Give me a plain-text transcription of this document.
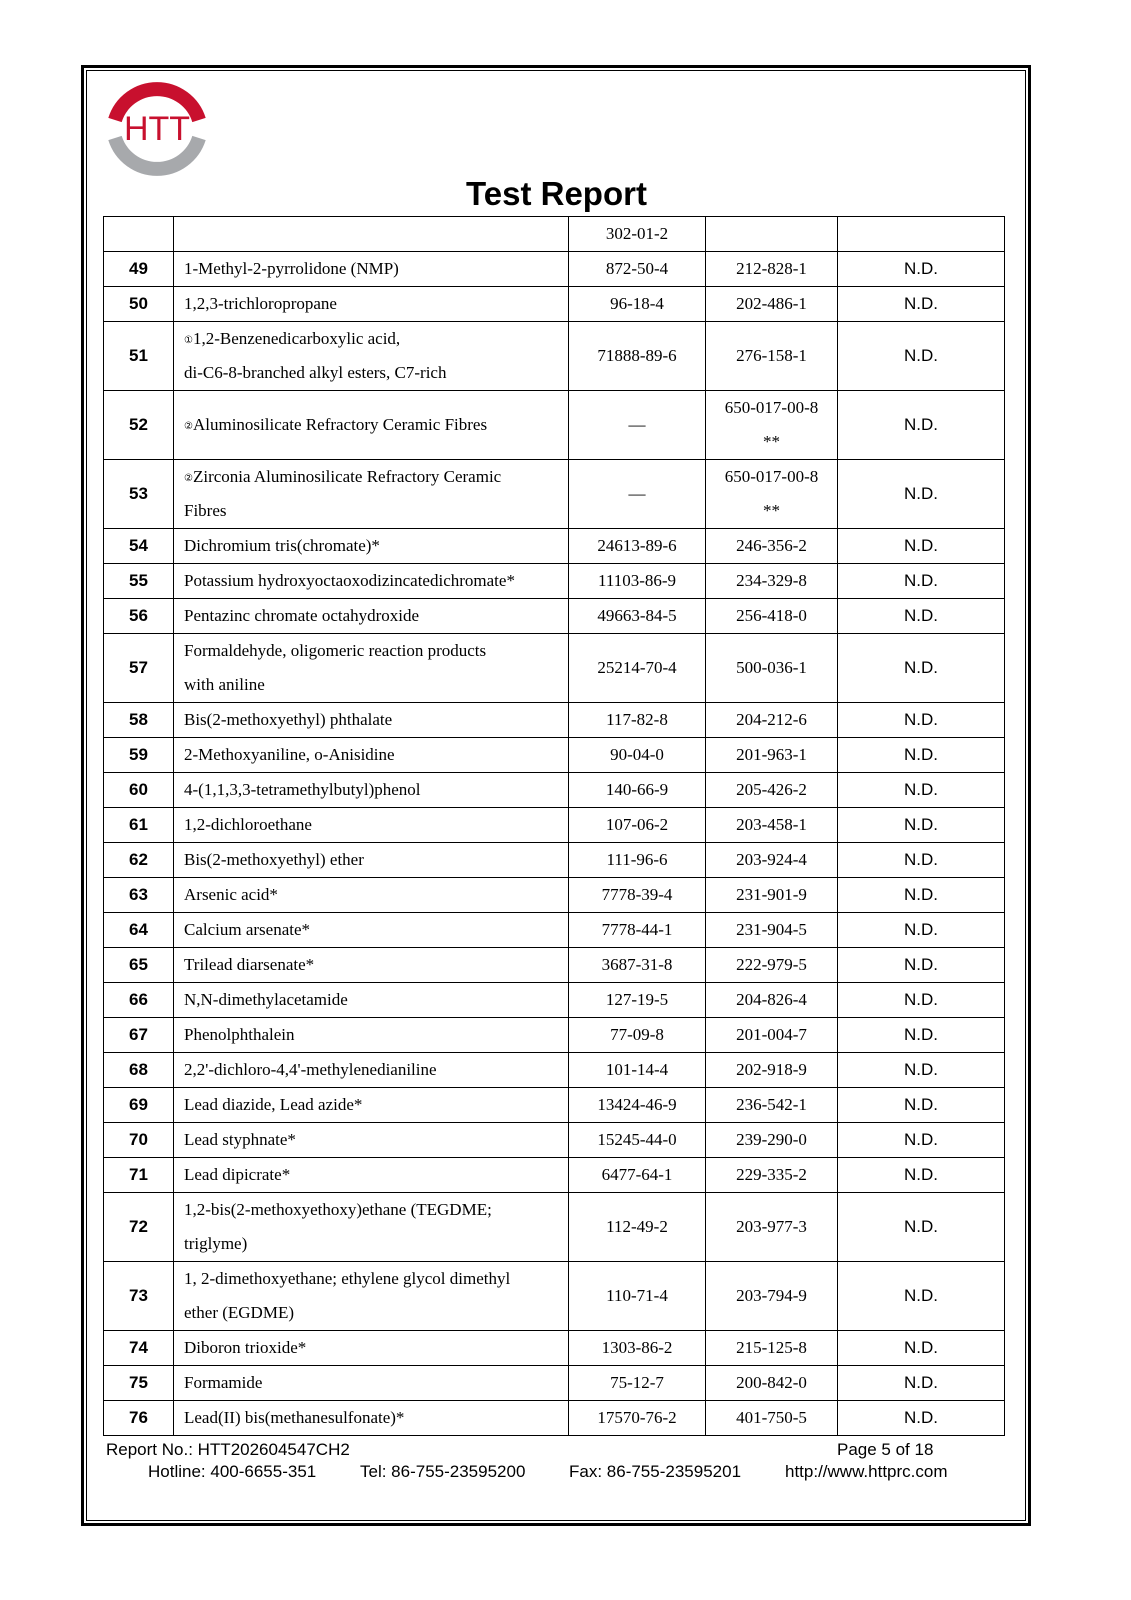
HTT
Test Report
		302-01-2		
49	1-Methyl-2-pyrrolidone (NMP)	872-50-4	212-828-1	N.D.
50	1,2,3-trichloropropane	96-18-4	202-486-1	N.D.
51	①1,2-Benzenedicarboxylic acid,
di-C6-8-branched alkyl esters, C7-rich	71888-89-6	276-158-1	N.D.
52	②Aluminosilicate Refractory Ceramic Fibres	—	650-017-00-8
**	N.D.
53	②Zirconia Aluminosilicate Refractory Ceramic
Fibres	—	650-017-00-8
**	N.D.
54	Dichromium tris(chromate)*	24613-89-6	246-356-2	N.D.
55	Potassium hydroxyoctaoxodizincatedichromate*	11103-86-9	234-329-8	N.D.
56	Pentazinc chromate octahydroxide	49663-84-5	256-418-0	N.D.
57	Formaldehyde, oligomeric reaction products
with aniline	25214-70-4	500-036-1	N.D.
58	Bis(2-methoxyethyl) phthalate	117-82-8	204-212-6	N.D.
59	2-Methoxyaniline, o-Anisidine	90-04-0	201-963-1	N.D.
60	4-(1,1,3,3-tetramethylbutyl)phenol	140-66-9	205-426-2	N.D.
61	1,2-dichloroethane	107-06-2	203-458-1	N.D.
62	Bis(2-methoxyethyl) ether	111-96-6	203-924-4	N.D.
63	Arsenic acid*	7778-39-4	231-901-9	N.D.
64	Calcium arsenate*	7778-44-1	231-904-5	N.D.
65	Trilead diarsenate*	3687-31-8	222-979-5	N.D.
66	N,N-dimethylacetamide	127-19-5	204-826-4	N.D.
67	Phenolphthalein	77-09-8	201-004-7	N.D.
68	2,2'-dichloro-4,4'-methylenedianiline	101-14-4	202-918-9	N.D.
69	Lead diazide, Lead azide*	13424-46-9	236-542-1	N.D.
70	Lead styphnate*	15245-44-0	239-290-0	N.D.
71	Lead dipicrate*	6477-64-1	229-335-2	N.D.
72	1,2-bis(2-methoxyethoxy)ethane (TEGDME;
triglyme)	112-49-2	203-977-3	N.D.
73	1, 2-dimethoxyethane; ethylene glycol dimethyl
ether (EGDME)	110-71-4	203-794-9	N.D.
74	Diboron trioxide*	1303-86-2	215-125-8	N.D.
75	Formamide	75-12-7	200-842-0	N.D.
76	Lead(II) bis(methanesulfonate)*	17570-76-2	401-750-5	N.D.
Report No.: HTT202604547CH2	Page 5 of 18
Hotline: 400-6655-351	Tel: 86-755-23595200	Fax: 86-755-23595201	http://www.httprc.com
